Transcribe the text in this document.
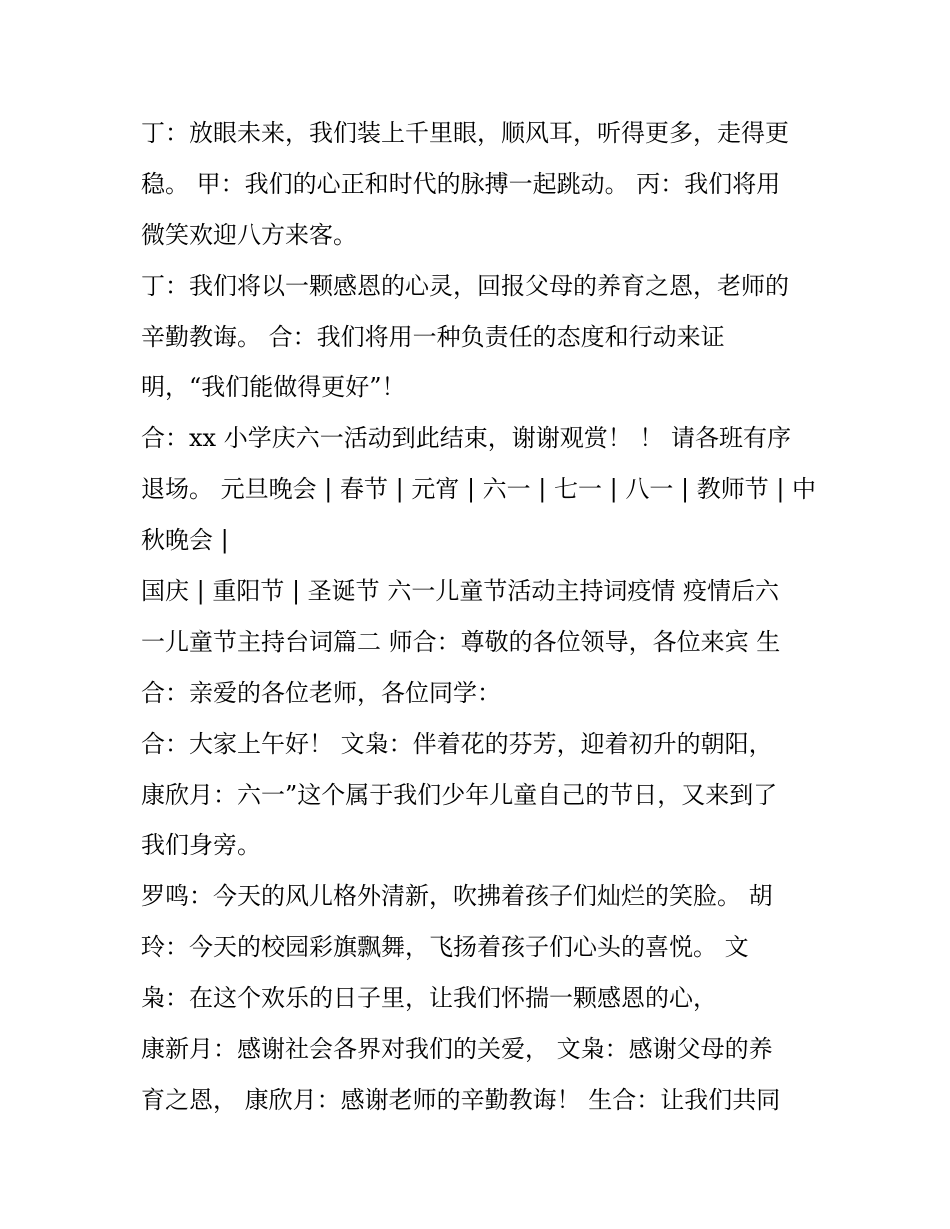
丁：放眼未来，我们装上千里眼，顺风耳，听得更多，走得更
稳。 甲：我们的心正和时代的脉搏一起跳动。 丙：我们将用
微笑欢迎八方来客。
丁：我们将以一颗感恩的心灵，回报父母的养育之恩，老师的
辛勤教诲。 合：我们将用一种负责任的态度和行动来证
明，“我们能做得更好”！
合：xx 小学庆六一活动到此结束，谢谢观赏！ ！ 请各班有序
退场。 元旦晚会 | 春节 | 元宵 | 六一 | 七一 | 八一 | 教师节 | 中
秋晚会 |
国庆 | 重阳节 | 圣诞节 六一儿童节活动主持词疫情 疫情后六
一儿童节主持台词篇二 师合：尊敬的各位领导，各位来宾 生
合：亲爱的各位老师，各位同学：
合：大家上午好！ 文枭：伴着花的芬芳，迎着初升的朝阳，
康欣月：六一”这个属于我们少年儿童自己的节日，又来到了
我们身旁。
罗鸣：今天的风儿格外清新，吹拂着孩子们灿烂的笑脸。 胡
玲：今天的校园彩旗飘舞，飞扬着孩子们心头的喜悦。 文
枭：在这个欢乐的日子里，让我们怀揣一颗感恩的心，
康新月：感谢社会各界对我们的关爱， 文枭：感谢父母的养
育之恩， 康欣月：感谢老师的辛勤教诲！ 生合：让我们共同
